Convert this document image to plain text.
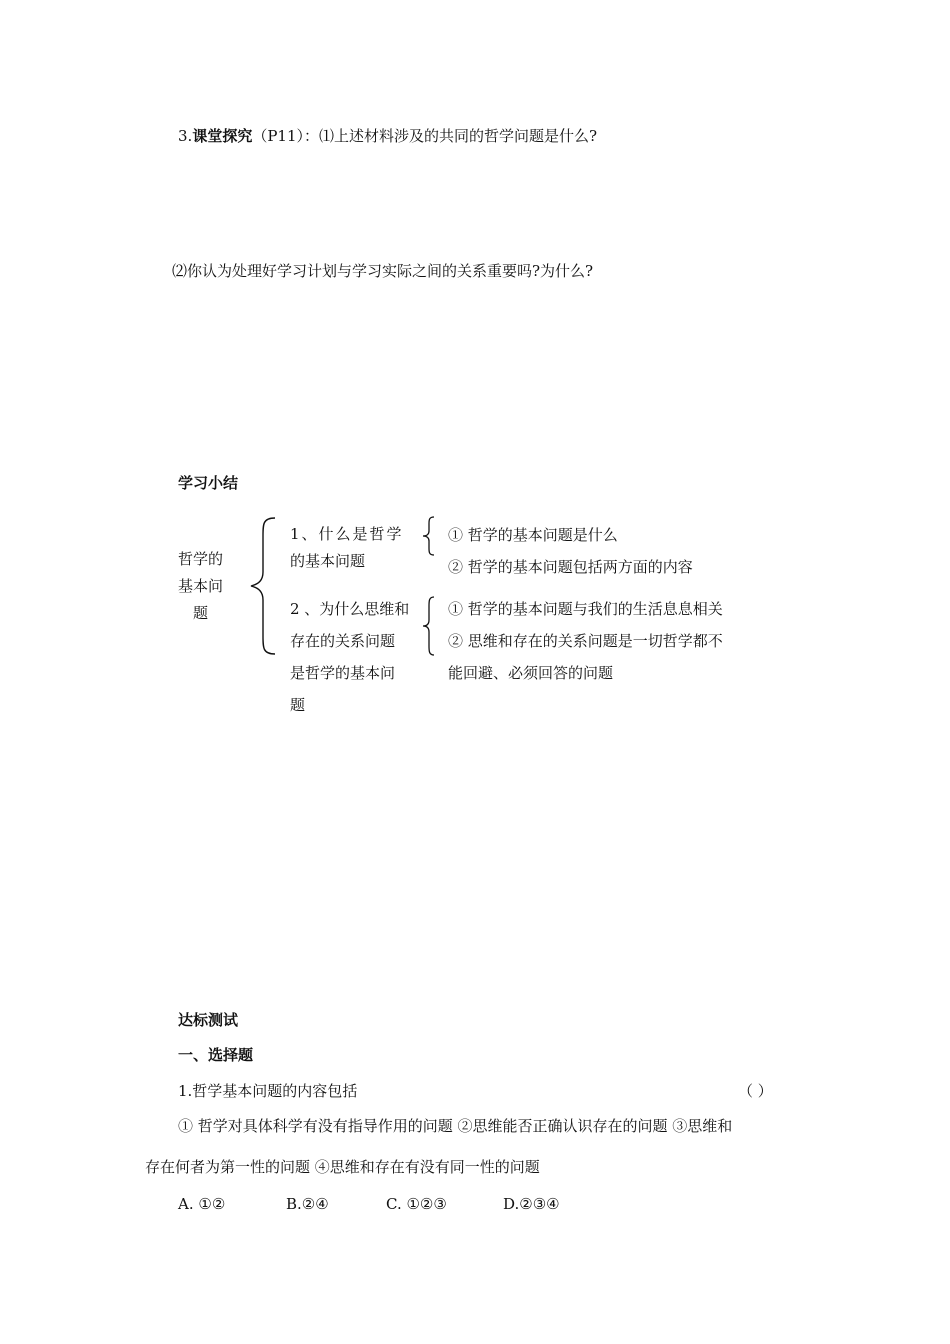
3.课堂探究（P11）：⑴上述材料涉及的共同的哲学问题是什么?
⑵你认为处理好学习计划与学习实际之间的关系重要吗?为什么?
学习小结
哲学的
基本问
题
1、什么是哲学
的基本问题
① 哲学的基本问题是什么
② 哲学的基本问题包括两方面的内容
2 、为什么思维和
存在的关系问题
是哲学的基本问
题
① 哲学的基本问题与我们的生活息息相关
② 思维和存在的关系问题是一切哲学都不
能回避、必须回答的问题
达标测试
一、选择题
1.哲学基本问题的内容包括	（ ）
① 哲学对具体科学有没有指导作用的问题 ②思维能否正确认识存在的问题 ③思维和
存在何者为第一性的问题 ④思维和存在有没有同一性的问题
A. ①②	B.②④	C. ①②③	D.②③④
